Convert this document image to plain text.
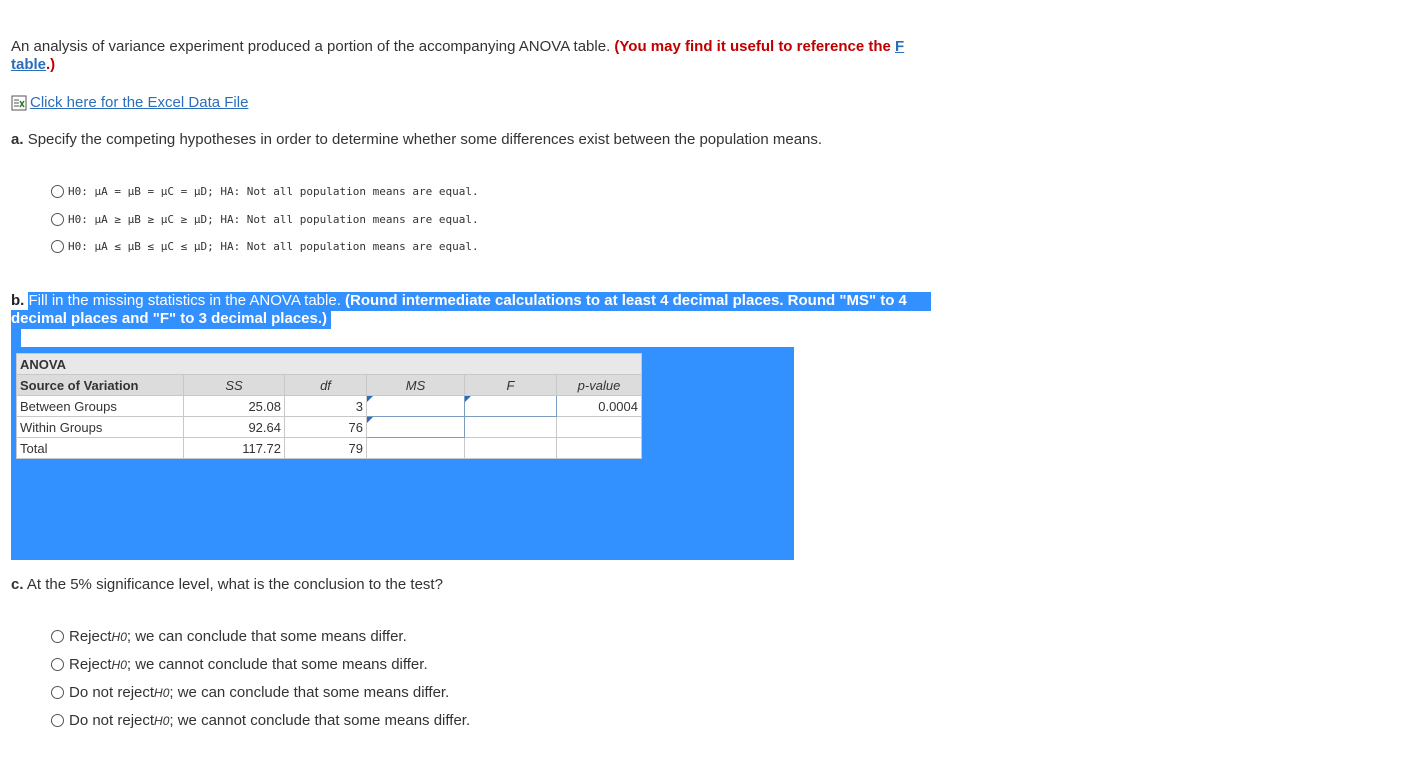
An analysis of variance experiment produced a portion of the accompanying ANOVA table. (You may find it useful to reference the F table.)
Click here for the Excel Data File
a. Specify the competing hypotheses in order to determine whether some differences exist between the population means.
H0: μA = μB = μC = μD; HA: Not all population means are equal.
H0: μA ≥ μB ≥ μC ≥ μD; HA: Not all population means are equal.
H0: μA ≤ μB ≤ μC ≤ μD; HA: Not all population means are equal.
b. Fill in the missing statistics in the ANOVA table. (Round intermediate calculations to at least 4 decimal places. Round "MS" to 4 decimal places and "F" to 3 decimal places.)
ANOVA					
Source of Variation	SS	df	MS	F	p-value
Between Groups	25.08	3			0.0004
Within Groups	92.64	76	

Total	117.72	79			
c. At the 5% significance level, what is the conclusion to the test?
Reject H0 ; we can conclude that some means differ.
Reject H0 ; we cannot conclude that some means differ.
Do not reject H0 ; we can conclude that some means differ.
Do not reject H0 ; we cannot conclude that some means differ.
